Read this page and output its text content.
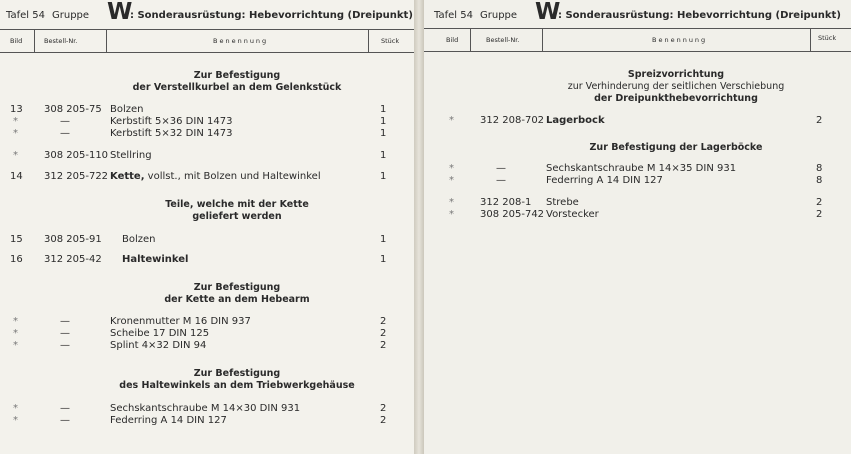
Tafel 54 Gruppe W
: Sonderausrüstung: Hebevorrichtung (Dreipunkt)
Bild	Bestell-Nr.	Benennung	Stück
Zur Befestigung
der Verstellkurbel an dem Gelenkstück
13 308 205-75 Bolzen	1
*	—	Kerbstift 5×36 DIN 1473	1
*	—	Kerbstift 5×32 DIN 1473	1
*	308 205-110 Stellring	1
14 312 205-722 Kette, vollst., mit Bolzen und Haltewinkel	1
Teile, welche mit der Kette
geliefert werden
15 308 205-91 Bolzen	1
16 312 205-42 Haltewinkel	1
Zur Befestigung
der Kette an dem Hebearm
*	—	Kronenmutter M 16 DIN 937	2
*	—	Scheibe 17 DIN 125	2
*	—	Splint 4×32 DIN 94	2
Zur Befestigung
des Haltewinkels an dem Triebwerkgehäuse
*	—	Sechskantschraube M 14×30 DIN 931	2
*	—	Federring A 14 DIN 127	2
Tafel 54 Gruppe W
: Sonderausrüstung: Hebevorrichtung (Dreipunkt)
Bild	Bestell-Nr.	Benennung	Stück
Spreizvorrichtung
zur Verhinderung der seitlichen Verschiebung
der Dreipunkthebevorrichtung
*	312 208-702 Lagerbock	2
Zur Befestigung der Lagerböcke
*	—	Sechskantschraube M 14×35 DIN 931	8
*	—	Federring A 14 DIN 127	8
*	312 208-1 Strebe	2
*	308 205-742 Vorstecker	2
